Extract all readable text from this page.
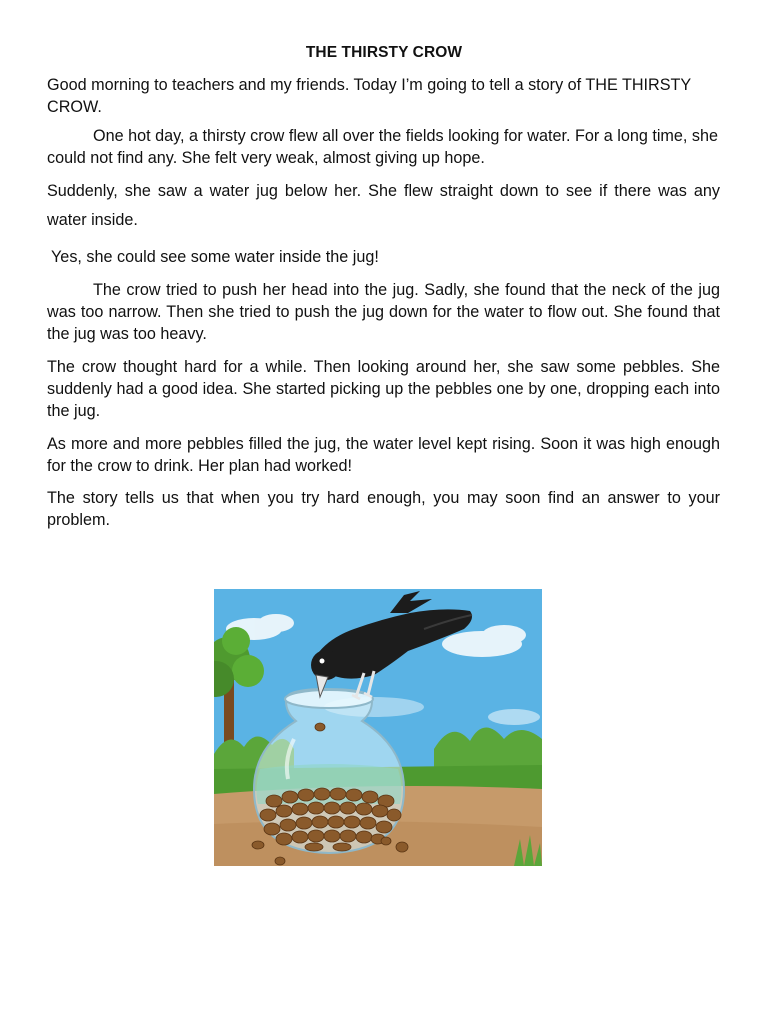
THE THIRSTY CROW

Good morning to teachers and my friends. Today I’m going to tell a story of THE THIRSTY CROW.

One hot day, a thirsty crow flew all over the fields looking for water. For a long time, she could not find any. She felt very weak, almost giving up hope.

Suddenly, she saw a water jug below her. She flew straight down to see if there was any water inside.

Yes, she could see some water inside the jug!

The crow tried to push her head into the jug. Sadly, she found that the neck of the jug was too narrow. Then she tried to push the jug down for the water to flow out. She found that the jug was too heavy.

The crow thought hard for a while. Then looking around her, she saw some pebbles. She suddenly had a good idea. She started picking up the pebbles one by one, dropping each into the jug.

As more and more pebbles filled the jug, the water level kept rising. Soon it was high enough for the crow to drink. Her plan had worked!

The story tells us that when you try hard enough, you may soon find an answer to your problem.
